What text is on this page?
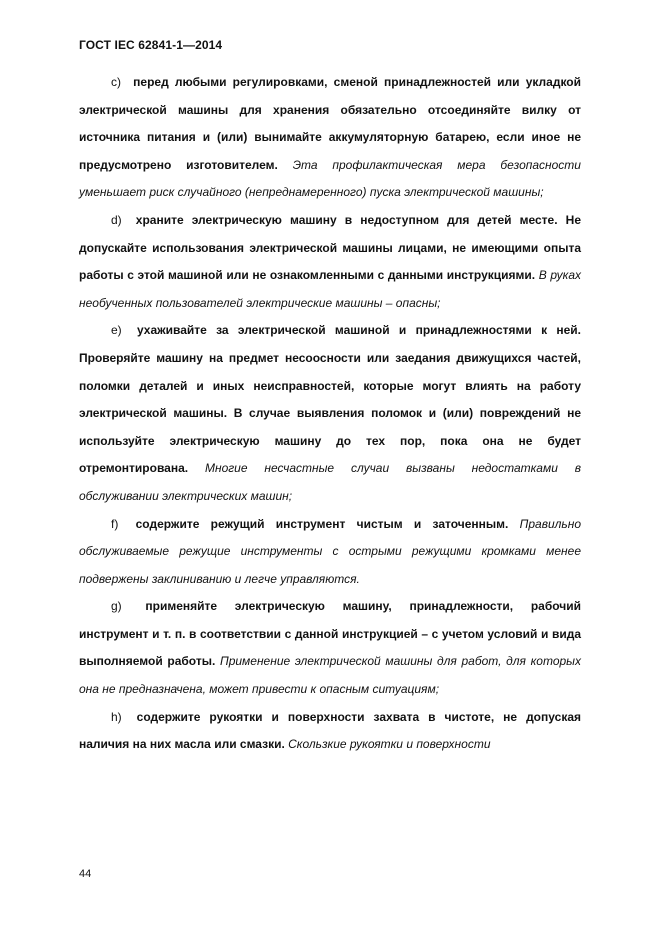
ГОСТ IEC 62841-1—2014

с) перед любыми регулировками, сменой принадлежностей или укладкой электрической машины для хранения обязательно отсоединяйте вилку от источника питания и (или) вынимайте аккумуляторную батарею, если иное не предусмотрено изготовителем. Эта профилактическая мера безопасности уменьшает риск случайного (непреднамеренного) пуска электрической машины;

d) храните электрическую машину в недоступном для детей месте. Не допускайте использования электрической машины лицами, не имеющими опыта работы с этой машиной или не ознакомленными с данными инструкциями. В руках необученных пользователей электрические машины – опасны;

е) ухаживайте за электрической машиной и принадлежностями к ней. Проверяйте машину на предмет несоосности или заедания движущихся частей, поломки деталей и иных неисправностей, которые могут влиять на работу электрической машины. В случае выявления поломок и (или) повреждений не используйте электрическую машину до тех пор, пока она не будет отремонтирована. Многие несчастные случаи вызваны недостатками в обслуживании электрических машин;

f) содержите режущий инструмент чистым и заточенным. Правильно обслуживаемые режущие инструменты с острыми режущими кромками менее подвержены заклиниванию и легче управляются.

g) применяйте электрическую машину, принадлежности, рабочий инструмент и т. п. в соответствии с данной инструкцией – с учетом условий и вида выполняемой работы. Применение электрической машины для работ, для которых она не предназначена, может привести к опасным ситуациям;

h) содержите рукоятки и поверхности захвата в чистоте, не допуская наличия на них масла или смазки. Скользкие рукоятки и поверхности

44
